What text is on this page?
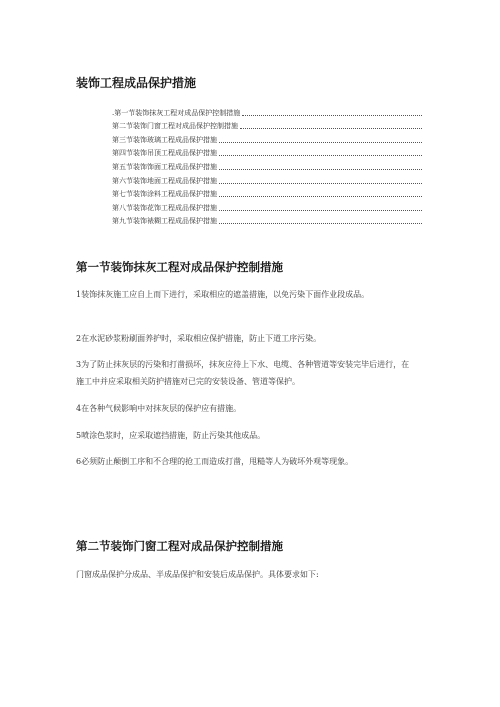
装饰工程成品保护措施
.第一节装饰抹灰工程对成品保护控制措施
第二节装饰门窗工程对成品保护控制措施
第三节装饰玻璃工程成品保护措施
第四节装饰吊顶工程成品保护措施
第五节装饰饰面工程成品保护措施
第六节装饰地面工程成品保护措施
第七节装饰涂料工程成品保护措施
第八节装饰花饰工程成品保护措施
第九节装饰裱糊工程成品保护措施
第一节装饰抹灰工程对成品保护控制措施
1装饰抹灰施工应自上而下进行，采取相应的遮盖措施，以免污染下面作业段成品。
2在水泥砂浆粉刷面养护时，采取相应保护措施，防止下道工序污染。
3为了防止抹灰层的污染和打凿损坏，抹灰应待上下水、电缆、各种管道等安装完毕后进行，在施工中并应采取相关防护措施对已完的安装设备、管道等保护。
4在各种气候影响中对抹灰层的保护应有措施。
5喷涂色浆时，应采取遮挡措施，防止污染其他成品。
6必须防止颠倒工序和不合理的抢工而造成打凿，甩糙等人为破坏外观等现象。
第二节装饰门窗工程对成品保护控制措施
门窗成品保护分成品、半成品保护和安装后成品保护。具体要求如下:
